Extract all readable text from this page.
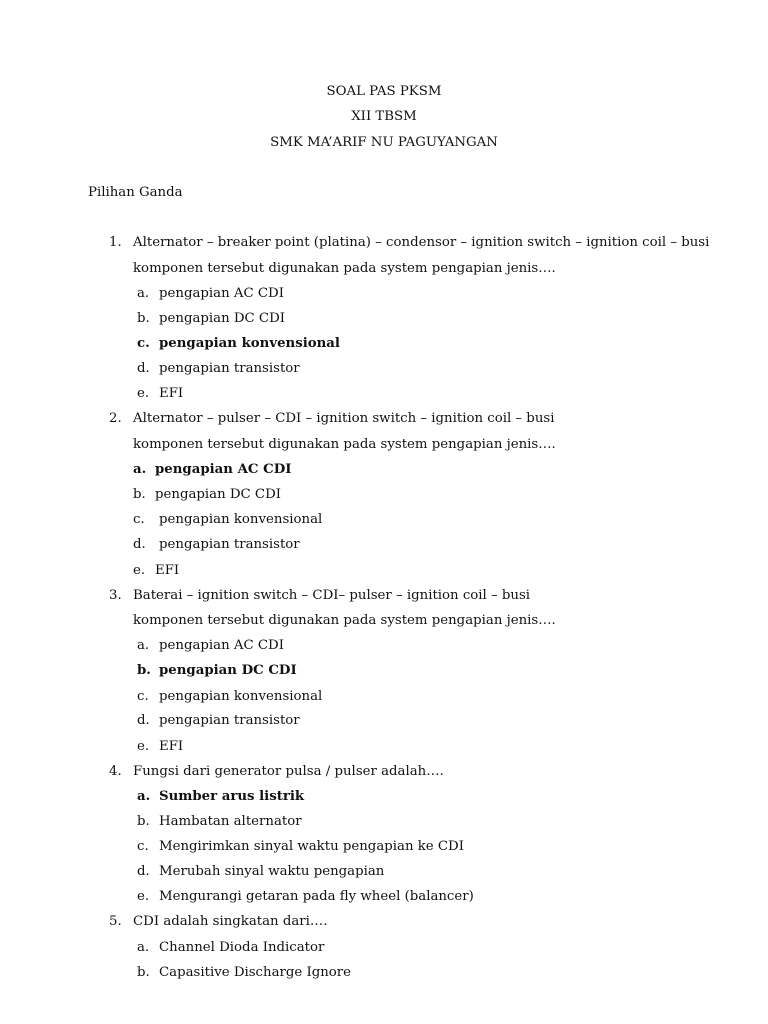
SOAL PAS PKSM
XII TBSM
SMK MA’ARIF NU PAGUYANGAN
Pilihan Ganda
1. Alternator – breaker point (platina) – condensor – ignition switch – ignition coil – busi
komponen tersebut digunakan pada system pengapian jenis….
a. pengapian AC CDI
b. pengapian DC CDI
c. pengapian konvensional
d. pengapian transistor
e. EFI
2. Alternator – pulser – CDI – ignition switch – ignition coil – busi
komponen tersebut digunakan pada system pengapian jenis….
a. pengapian AC CDI
b. pengapian DC CDI
c. pengapian konvensional
d. pengapian transistor
e. EFI
3. Baterai – ignition switch – CDI– pulser – ignition coil – busi
komponen tersebut digunakan pada system pengapian jenis….
a. pengapian AC CDI
b. pengapian DC CDI
c. pengapian konvensional
d. pengapian transistor
e. EFI
4. Fungsi dari generator pulsa / pulser adalah….
a. Sumber arus listrik
b. Hambatan alternator
c. Mengirimkan sinyal waktu pengapian ke CDI
d. Merubah sinyal waktu pengapian
e. Mengurangi getaran pada fly wheel (balancer)
5. CDI adalah singkatan dari….
a. Channel Dioda Indicator
b. Capasitive Discharge Ignore
